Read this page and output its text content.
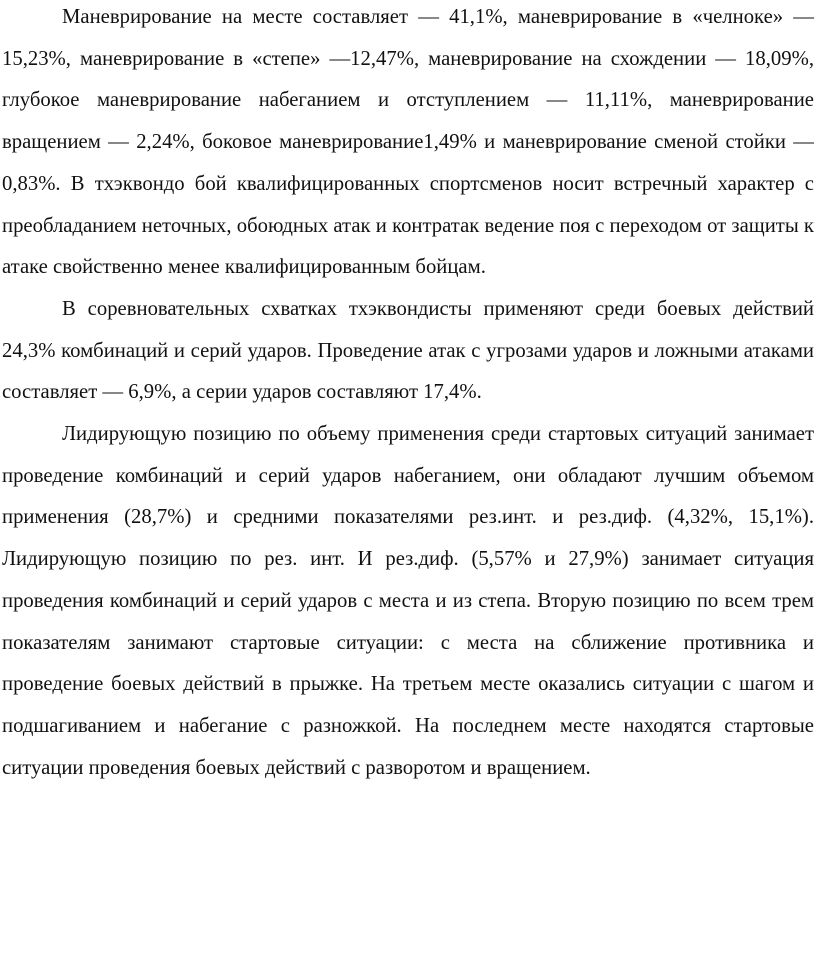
Маневрирование на месте составляет — 41,1%, маневрирование в «челноке» — 15,23%, маневрирование в «степе» —12,47%, маневрирование на схождении — 18,09%, глубокое маневрирование набеганием и отступлением — 11,11%, маневрирование вращением — 2,24%, боковое маневрирование1,49% и маневрирование сменой стойки — 0,83%. В тхэквондо бой квалифицированных спортсменов носит встречный характер с преобладанием неточных, обоюдных атак и контратак ведение поя с переходом от защиты к атаке свойственно менее квалифицированным бойцам.

В соревновательных схватках тхэквондисты применяют среди боевых действий 24,3% комбинаций и серий ударов. Проведение атак с угрозами ударов и ложными атаками составляет — 6,9%, а серии ударов составляют 17,4%.

Лидирующую позицию по объему применения среди стартовых ситуаций занимает проведение комбинаций и серий ударов набеганием, они обладают лучшим объемом применения (28,7%) и средними показателями рез.инт. и рез.диф. (4,32%, 15,1%). Лидирующую позицию по рез. инт. И рез.диф. (5,57% и 27,9%) занимает ситуация проведения комбинаций и серий ударов с места и из степа. Вторую позицию по всем трем показателям занимают стартовые ситуации: с места на сближение противника и проведение боевых действий в прыжке. На третьем месте оказались ситуации с шагом и подшагиванием и набегание с разножкой. На последнем месте находятся стартовые ситуации проведения боевых действий с разворотом и вращением.
